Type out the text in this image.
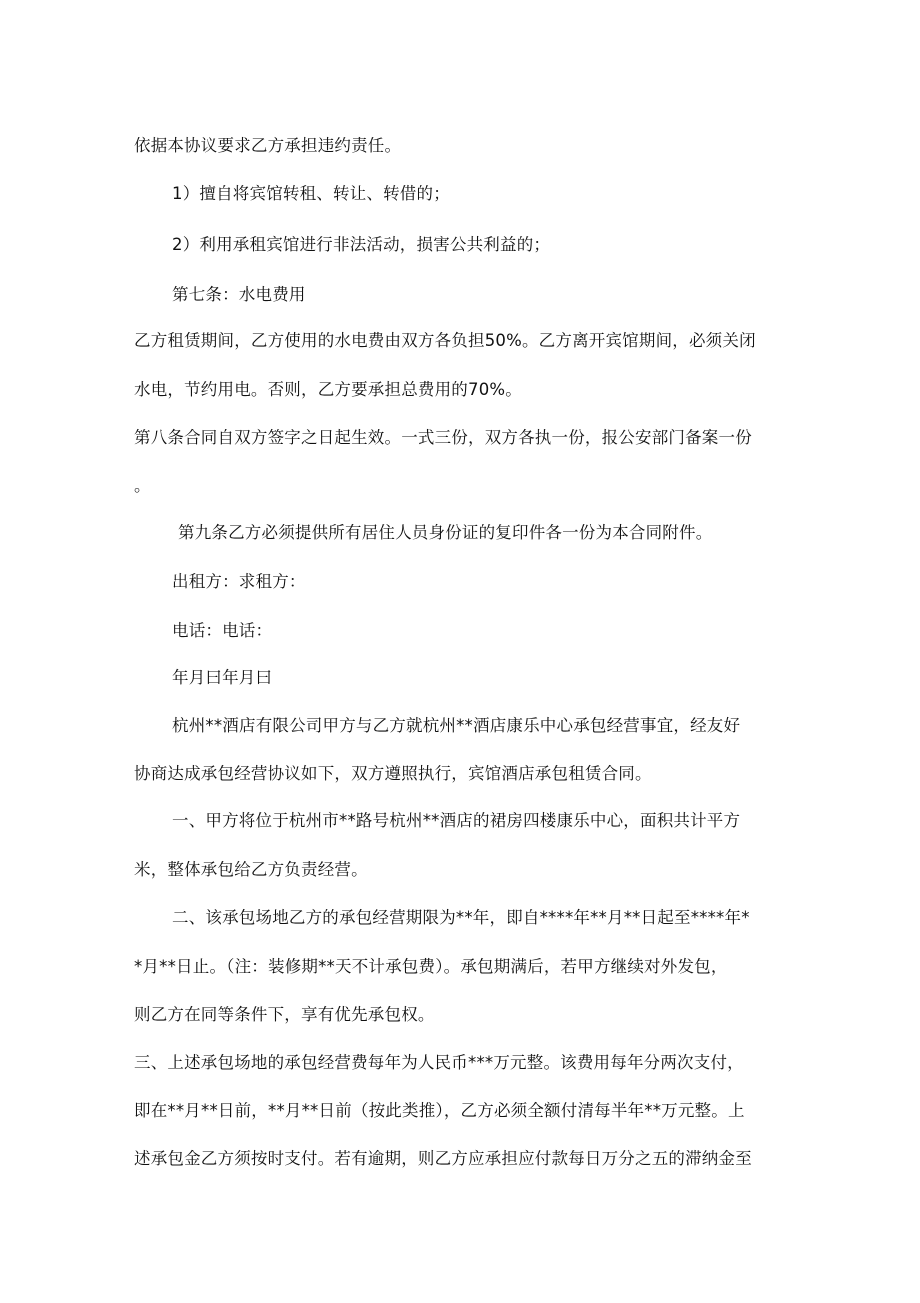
依据本协议要求乙方承担违约责任。
1）擅自将宾馆转租、转让、转借的；
2）利用承租宾馆进行非法活动，损害公共利益的；
第七条：水电费用
乙方租赁期间，乙方使用的水电费由双方各负担50%。乙方离开宾馆期间，必须关闭
水电，节约用电。否则，乙方要承担总费用的70%。
第八条合同自双方签字之日起生效。一式三份，双方各执一份，报公安部门备案一份
。
第九条乙方必须提供所有居住人员身份证的复印件各一份为本合同附件。
出租方：求租方：
电话：电话：
年月曰年月曰
杭州**酒店有限公司甲方与乙方就杭州**酒店康乐中心承包经营事宜，经友好
协商达成承包经营协议如下，双方遵照执行，宾馆酒店承包租赁合同。
一、甲方将位于杭州市**路号杭州**酒店的裙房四楼康乐中心，面积共计平方
米，整体承包给乙方负责经营。
二、该承包场地乙方的承包经营期限为**年，即自****年**月**日起至****年*
*月**日止。（注：装修期**天不计承包费）。承包期满后，若甲方继续对外发包，
则乙方在同等条件下，享有优先承包权。
三、上述承包场地的承包经营费每年为人民币***万元整。该费用每年分两次支付，
即在**月**日前，**月**日前（按此类推），乙方必须全额付清每半年**万元整。上
述承包金乙方须按时支付。若有逾期，则乙方应承担应付款每日万分之五的滞纳金至
